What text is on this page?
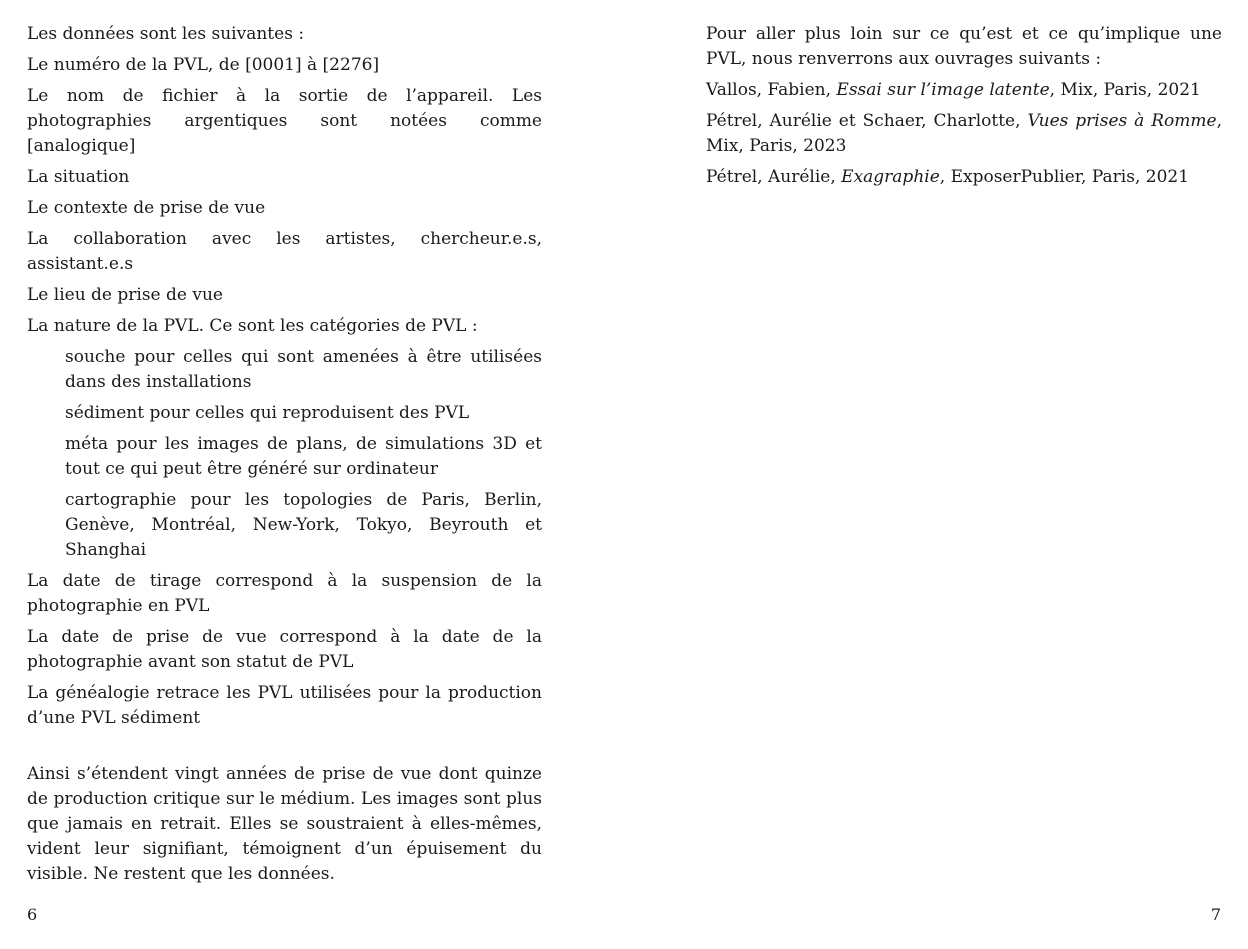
Les données sont les suivantes :

Le numéro de la PVL, de [0001] à [2276]

Le nom de fichier à la sortie de l’appareil. Les photographies argentiques sont notées comme [analogique]

La situation

Le contexte de prise de vue

La collaboration avec les artistes, chercheur.e.s, assistant.e.s

Le lieu de prise de vue

La nature de la PVL. Ce sont les catégories de PVL :

souche pour celles qui sont amenées à être utilisées dans des installations

sédiment pour celles qui reproduisent des PVL

méta pour les images de plans, de simulations 3D et tout ce qui peut être généré sur ordinateur

cartographie pour les topologies de Paris, Berlin, Genève, Montréal, New-York, Tokyo, Beyrouth et Shanghai

La date de tirage correspond à la suspension de la photographie en PVL

La date de prise de vue correspond à la date de la photographie avant son statut de PVL

La généalogie retrace les PVL utilisées pour la production d’une PVL sédiment

Ainsi s’étendent vingt années de prise de vue dont quinze de production critique sur le médium. Les images sont plus que jamais en retrait. Elles se soustraient à elles-mêmes, vident leur signifiant, témoignent d’un épuisement du visible. Ne restent que les données.

6

Pour aller plus loin sur ce qu’est et ce qu’implique une PVL, nous renverrons aux ouvrages suivants :

Vallos, Fabien, Essai sur l’image latente, Mix, Paris, 2021

Pétrel, Aurélie et Schaer, Charlotte, Vues prises à Romme, Mix, Paris, 2023

Pétrel, Aurélie, Exagraphie, ExposerPublier, Paris, 2021

7
